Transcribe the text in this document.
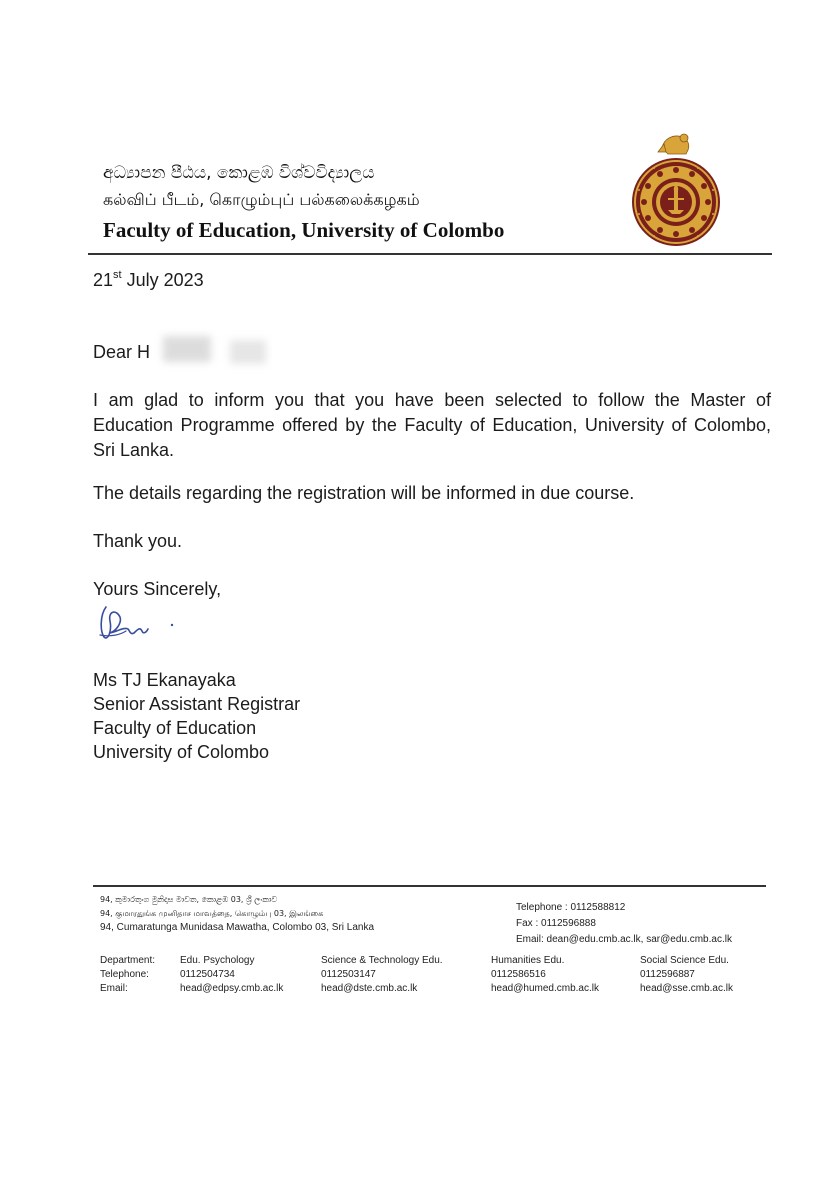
අධ්‍යාපන පීඨය, කොළඹ විශ්වවිද්‍යාලය
கல்விப் பீடம், கொழும்புப் பல்கலைக்கழகம்
Faculty of Education, University of Colombo
21st July 2023
Dear H
I am glad to inform you that you have been selected to follow the Master of Education Programme offered by the Faculty of Education, University of Colombo, Sri Lanka.
The details regarding the registration will be informed in due course.
Thank you.
Yours Sincerely,
Ms TJ Ekanayaka
Senior Assistant Registrar
Faculty of Education
University of Colombo
94, කුමාරතුංග මුනිදාස මාවත, කොළඹ 03, ශ්‍රී ලංකාව
94, குமாரதுங்க முனிதாச மாவத்தை, கொழும்பு 03, இலங்கை
94, Cumaratunga Munidasa Mawatha, Colombo 03, Sri Lanka
Telephone : 0112588812
Fax : 0112596888
Email: dean@edu.cmb.ac.lk, sar@edu.cmb.ac.lk
Department:
Telephone:
Email:
Edu. Psychology
0112504734
head@edpsy.cmb.ac.lk
Science & Technology Edu.
0112503147
head@dste.cmb.ac.lk
Humanities Edu.
0112586516
head@humed.cmb.ac.lk
Social Science Edu.
0112596887
head@sse.cmb.ac.lk
